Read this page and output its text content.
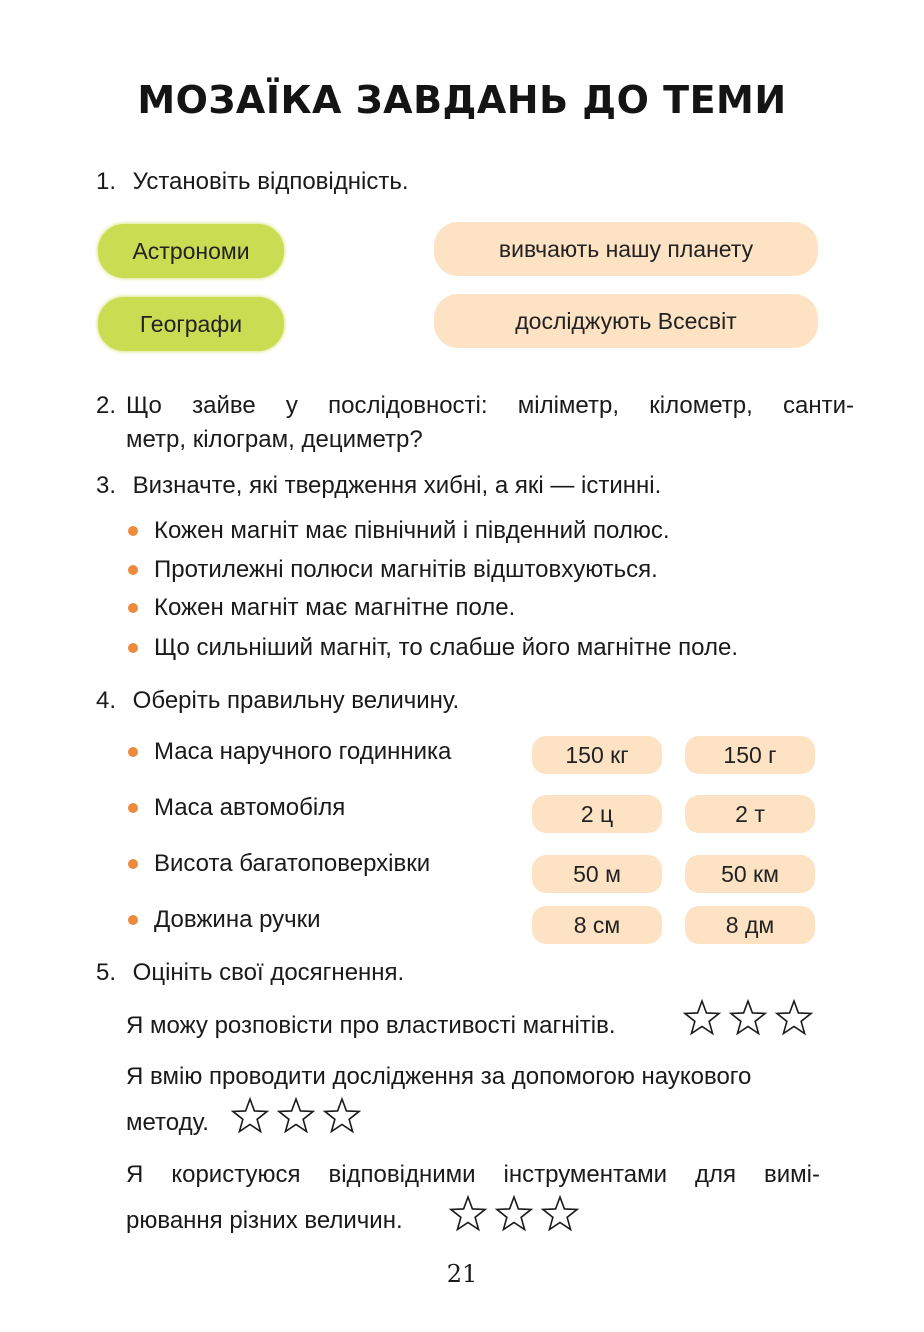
МОЗАЇКА ЗАВДАНЬ ДО ТЕМИ
1. Установіть відповідність.
Астрономи
Географи
вивчають нашу планету
досліджують Всесвіт
2. Що зайве у послідовності: міліметр, кілометр, санти-
метр, кілограм, дециметр?
3. Визначте, які твердження хибні, а які — істинні.
Кожен магніт має північний і південний полюс.
Протилежні полюси магнітів відштовхуються.
Кожен магніт має магнітне поле.
Що сильніший магніт, то слабше його магнітне поле.
4. Оберіть правильну величину.
Маса наручного годинника	150 кг	150 г
Маса автомобіля	2 ц	2 т
Висота багатоповерхівки	50 м	50 км
Довжина ручки	8 см	8 дм
5. Оцініть свої досягнення.
Я можу розповісти про властивості магнітів.
Я вмію проводити дослідження за допомогою наукового
методу.
Я користуюся відповідними інструментами для вимі-
рювання різних величин.
21
